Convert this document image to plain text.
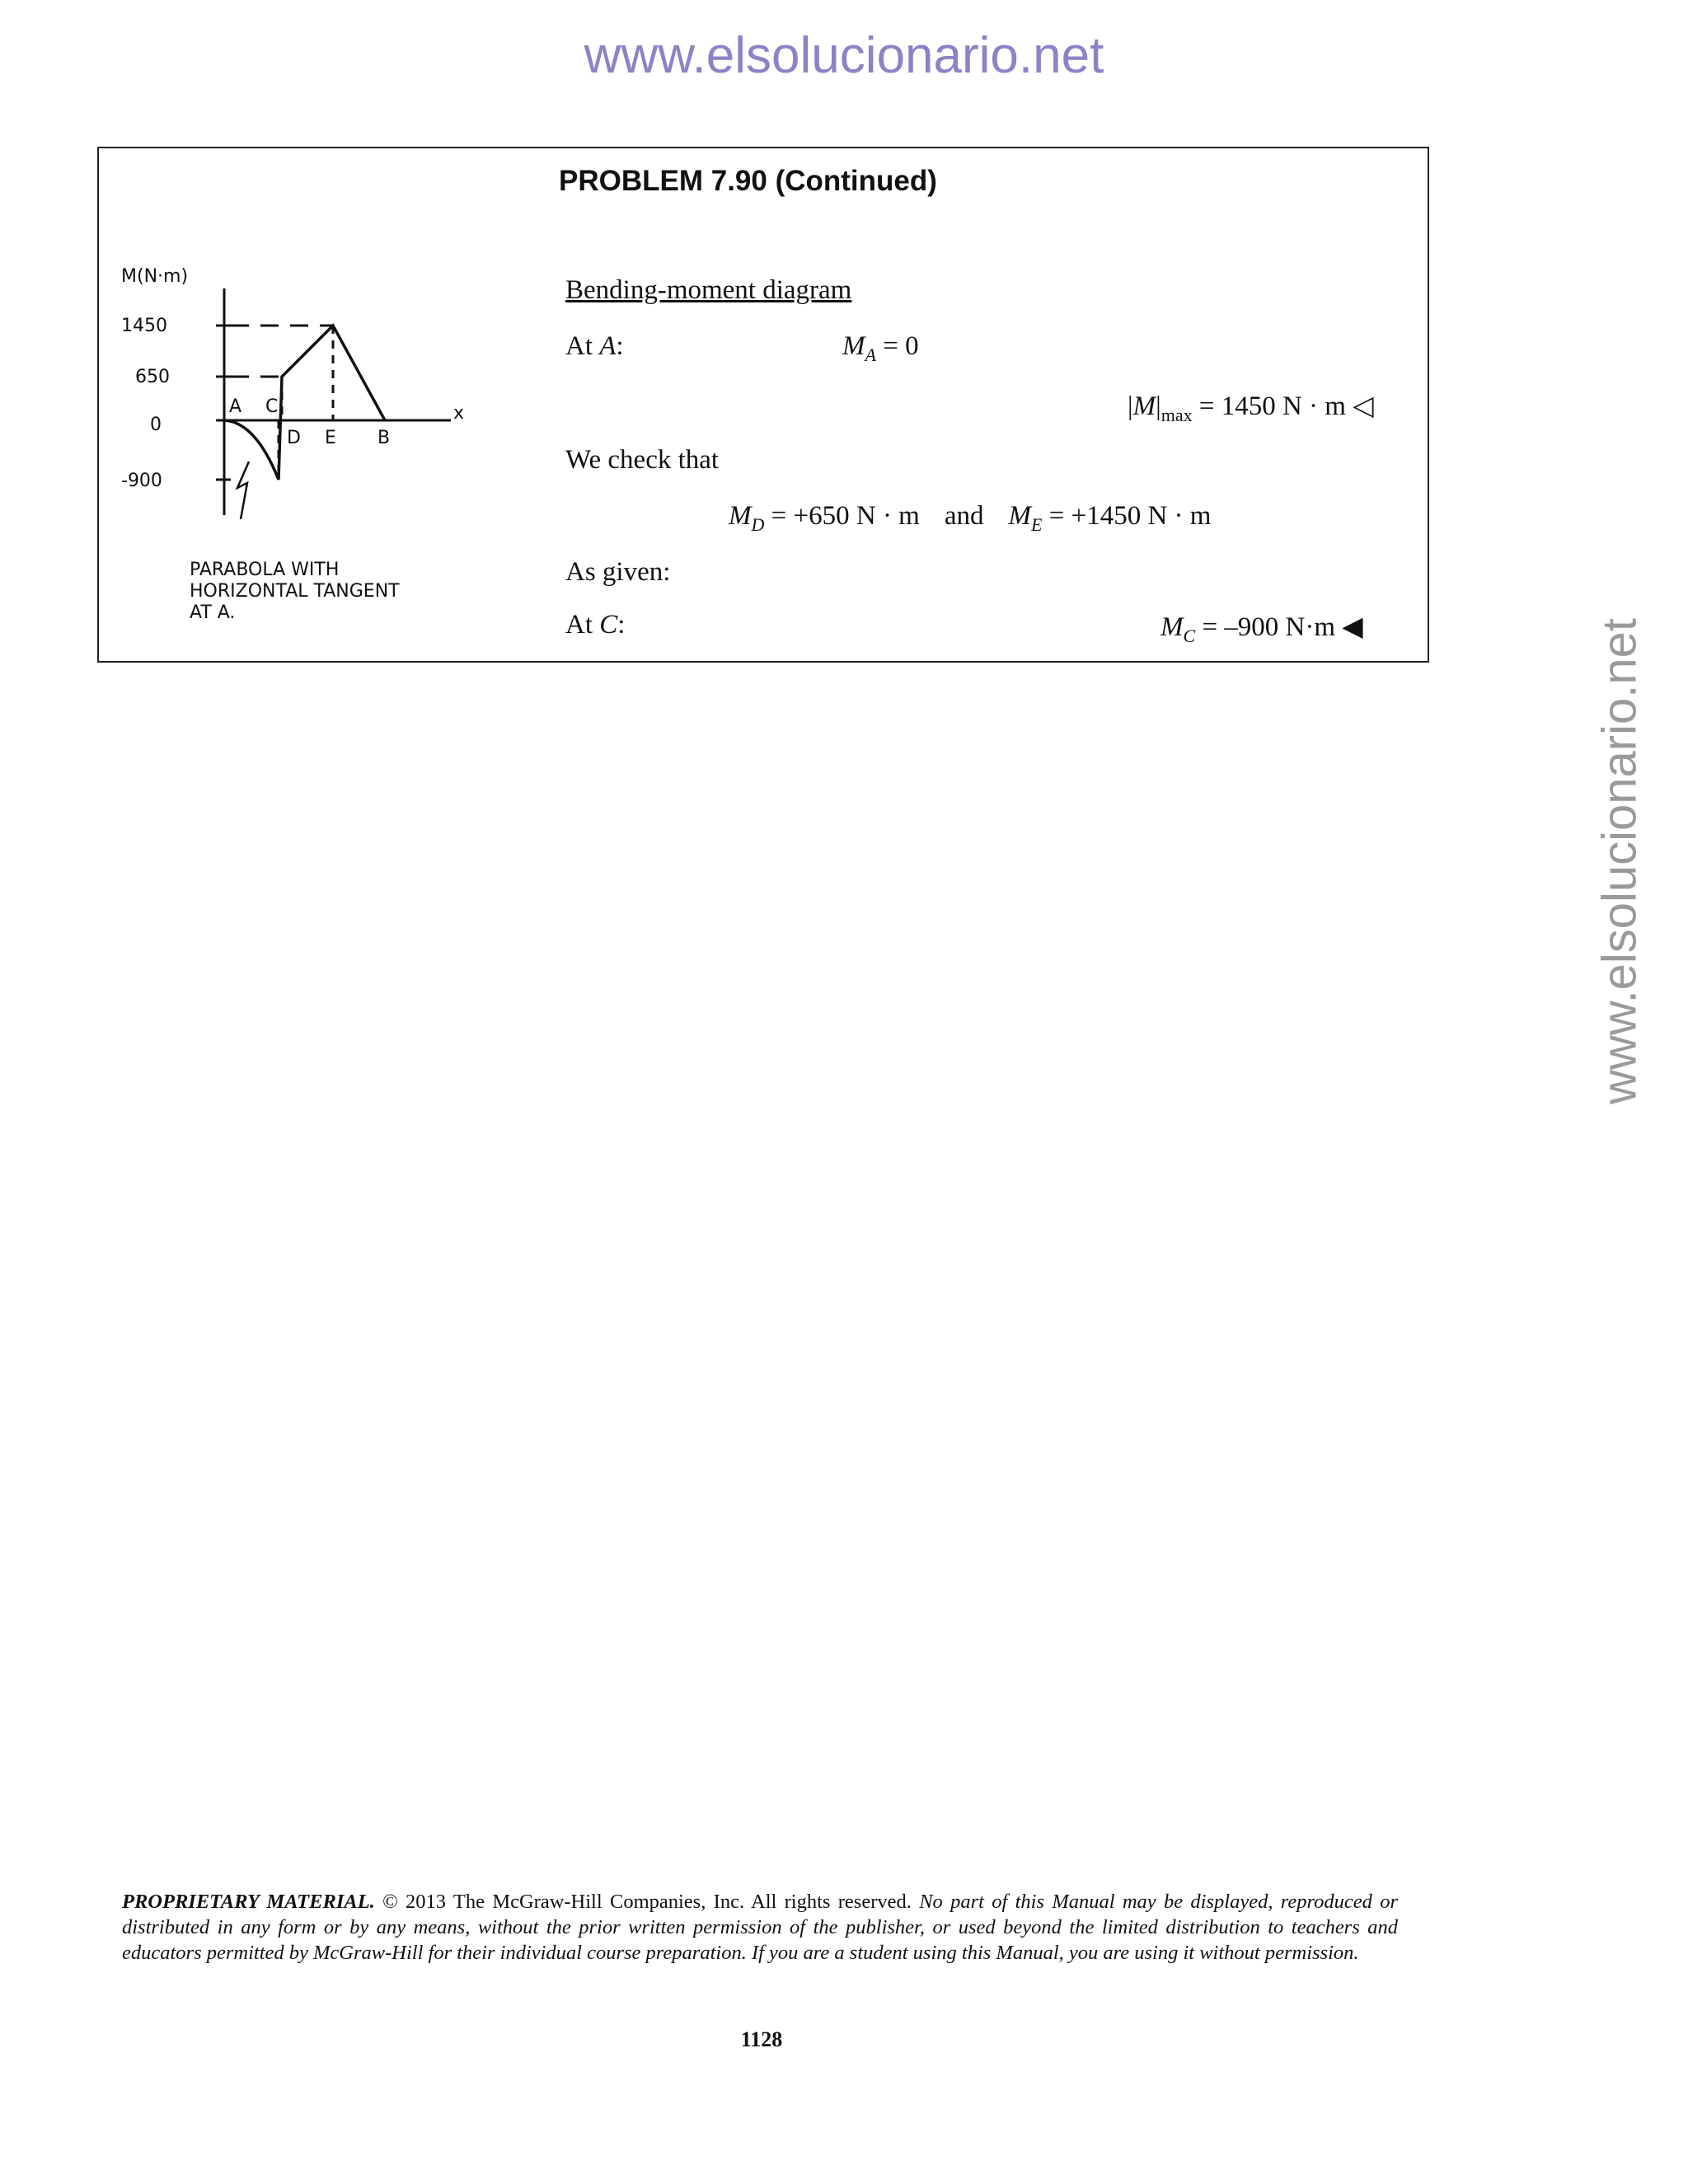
www.elsolucionario.net
www.elsolucionario.net
PROBLEM 7.90 (Continued)
M(N·m)
1450
650
0
-900
x
A C
D E B
PARABOLA WITH
HORIZONTAL TANGENT
AT A.
Bending-moment diagram
At A:	$M_A = 0$
$|M|_{max} = 1450$ N · m ◁
We check that
$M_D = +650$ N · m and $M_E = +1450$ N · m
As given:
At C:	$M_C = -900$ N·m ◀
PROPRIETARY MATERIAL. © 2013 The McGraw-Hill Companies, Inc. All rights reserved. No part of this Manual may be displayed, reproduced or distributed in any form or by any means, without the prior written permission of the publisher, or used beyond the limited distribution to teachers and educators permitted by McGraw-Hill for their individual course preparation. If you are a student using this Manual, you are using it without permission.
1128
